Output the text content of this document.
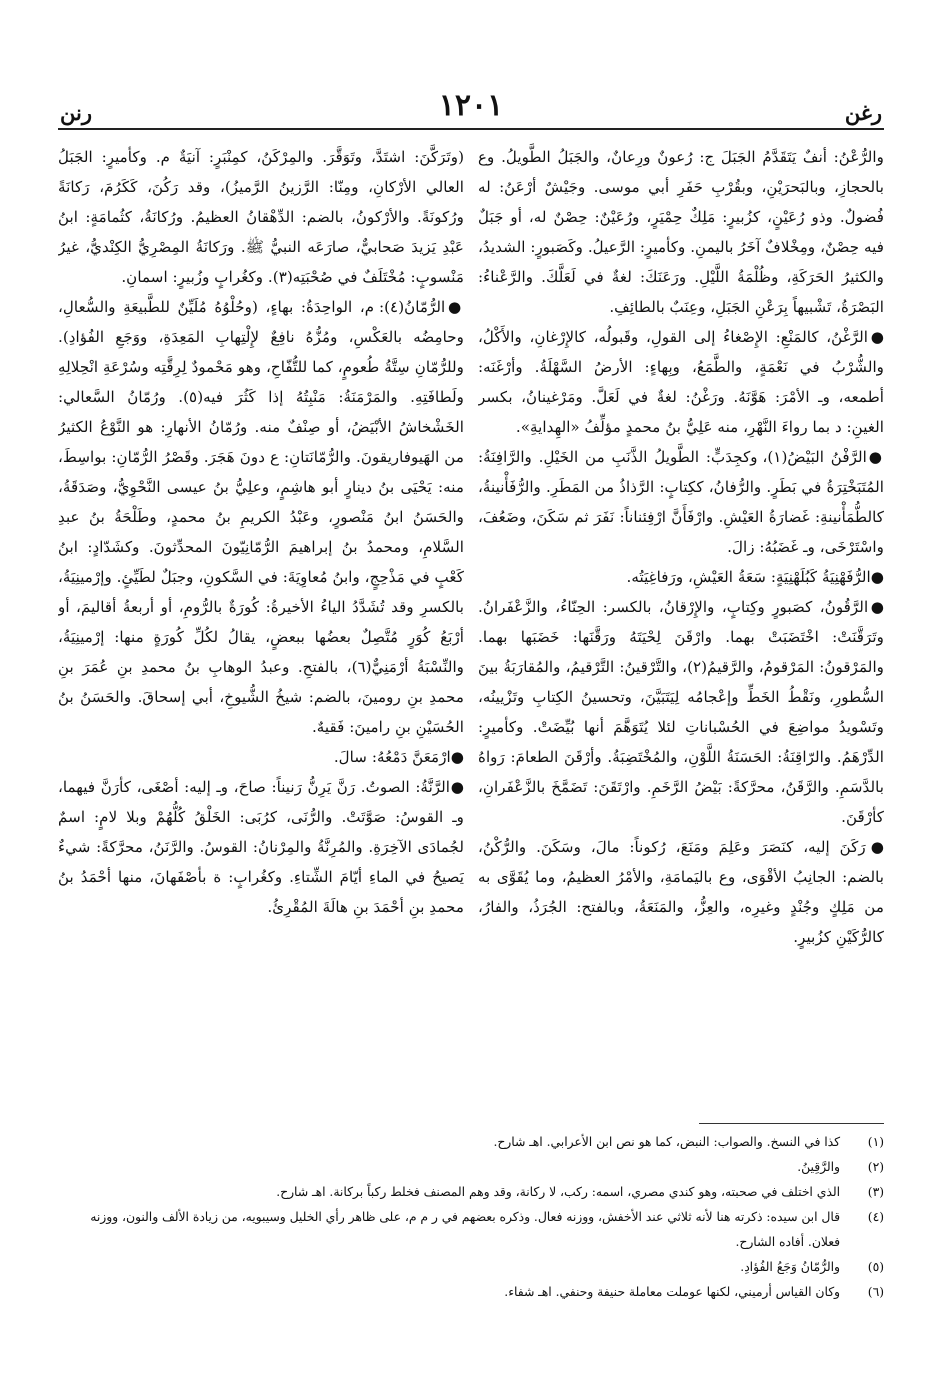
رغن
١٢٠١
رنن

والرُّعْنُ: أنفٌ يَتَقَدَّمُ الجَبَلَ ج: رُعونٌ ورِعانٌ، والجَبَلُ الطَّويلُ. وع بالحجازِ، وبالبَحرَيْنِ، وبقُرْبِ حَفَرِ أبي موسى. وجَيْشٌ أرْعَنُ: له فُضولٌ. وذو رُعَيْنٍ، كزُبيرٍ: مَلِكٌ حِمْيَرٍ، ورُعَيْنٌ: حِصْنٌ له، أو جَبَلٌ فيه حِصْنٌ، ومِخْلافٌ آخَرُ باليمنِ. وكأميرٍ: الرَّعيلُ. وكَصَبورٍ: الشديدُ، والكثيرُ الحَرَكَةِ، وظُلْمَةُ اللَّيْلِ. ورَعَنَكَ: لغةٌ في لَعَلَّكَ. والرَّعْناءُ: البَصْرَةُ، تَشْبيهاً بِرَعْنِ الجَبَلِ، وعِنَبٌ بالطائِفِ.

●الرَّغْنُ، كالمَنْعِ: الإِصْغاءُ إلى القولِ، وقَبولُه، كالإِرْغانِ، والأَكْلُ، والشُّرْبُ في نَعْمَةٍ، والطَّمَعُ، وبِهاءٍ: الأرضُ السَّهْلَةُ. وأرْغَنَه: أطمعه، وـ الأمْرَ: هَوَّنَهُ. ورَغْنُ: لغةٌ في لَعَلَّ. ومَرْغينانُ، بكسر الغينِ: د بما رواءَ النَّهْرِ، منه عَلِيُّ بنُ محمدٍ مؤلِّفُ «الهِدايةِ».

●الرَّفْنُ البَيْضُ(١)، وكجِدَبٍّ: الطَّويلُ الذَّنَبِ من الخَيْلِ. والرَّافِنَةُ: المُتَبَخْتِرَةُ في بَطَرٍ. والرُّفانُ، ككِتابٍ: الرَّذاذُ من المَطَرِ. والرُّفَأْنينةُ، كالطُّمَأْنينةِ: غَضارَةُ العَيْشِ. وارْفَأَنَّ ارْفِئناناً: نَفَرَ ثم سَكَنَ، وضَعُفَ، واسْتَرْخَى، وـ غَضَبُهُ: زالَ.

●الرُّفَهْنِيَةُ كَبُلَهْنِيَةٍ: سَعَةُ العَيْشِ، ورَفاغِيَتُه.

●الرَّقُونُ، كصَبورٍ وكِتابٍ، والإِرْقانُ، بالكسر: الحِنّاءُ، والزَّعْفَرانُ. وتَرَقَّنَتْ: اخْتَضَبَتْ بهما. وارْقَنَ لِحْيَتَهُ ورَقَّنَها: خَضَبَها بهما. والمَرْقونُ: المَرْقومُ، والرَّقيمُ(٢)، والتَّرْقينُ: التَّرْقيمُ، والمُقارَبَةُ بينَ السُّطورِ، ونَقْطُ الخَطِّ وإعْجامُه لِيَتَبَيَّنَ، وتحسينُ الكِتابِ وتَزْيينُه، وتَسْويدُ مواضِعَ في الحُسْباناتِ لئلا يُتَوَهَّمَ أنها بُيِّضَتْ. وكأميرٍ: الدِّرْهَمُ. والرّاقِنَةُ: الحَسَنَةُ اللَّوْنِ، والمُخْتَضِبَةُ. وأرْقَنَ الطعامَ: رَواهُ بالدَّسَمِ. والرَّقَنُ، محرَّكةً: بَيْضُ الرَّخَمِ. وارْتَقَنَ: تَضَمَّخَ بالزَّعْفَرانِ، كأرْقَنَ.

●رَكَنَ إليه، كنَصَرَ وعَلِمَ ومَنَعَ، رُكوناً: مالَ، وسَكَنَ. والرُّكْنُ، بالضم: الجانِبُ الأقْوَى، وع باليَمامَةِ، والأمْرُ العظيمُ، وما يُقَوَّى به من مَلِكٍ وجُنْدٍ وغيرِه، والعِزُّ، والمَنَعَةُ، وبالفتح: الجُرَذُ، والفارُ، كالرُّكَيْنِ كزُبيرٍ.

(وتَرَكَّنَ: اشتَدَّ، وتَوَقَّرَ. والمِرْكَنُ، كمِنْبَرٍ: آنيَةٌ م. وكأميرٍ: الجَبَلُ العالي الأرْكانِ، ومِنّا: الرَّزينُ الرَّميزُ)، وقد رَكُنَ، كَكَرُمَ، رَكانَةً ورُكونَةً. والأرْكونُ، بالضم: الدِّهْقانُ العظيمُ. ورُكانَةُ، كثُمامَةٍ: ابنُ عَبْدِ يَزيدَ صَحابيٌّ، صارَعَه النبيُّ ﷺ. ورَكانَةُ المِصْرِيُّ الكِنْديُّ، غيرُ مَنْسوبٍ: مُخْتَلَفٌ في صُحْبَتِه(٣). وكغُرابٍ وزُبيرٍ: اسمانِ.

●الرُّمّانُ(٤): م، الواحِدَةُ: بهاءٍ، (وحُلْوُهُ مُلَيِّنٌ للطَّبيعَةِ والسُّعالِ، وحامِضُه بالعَكْسِ، ومُزُّهُ نافِعٌ لإِلْتِهابِ المَعِدَةِ، ووَجَعِ الفُؤادِ). وللرُّمّانِ سِتَّةُ طُعومٍ، كما للتُّفّاحِ، وهو مَحْمودٌ لِرِقَّتِه وسُرْعَةِ انْحِلالِهِ ولَطافَتِهِ. والمَرْمَنَةُ: مَنْبِتُهُ إذا كَثُرَ فيه(٥). ورُمّانُ السَّعالي: الخَشْخاشُ الأبْيَضُ، أو صِنْفٌ منه. ورُمّانُ الأنهارِ: هو النَّوْعُ الكثيرُ من الهَيوفاريقونَ. والرُّمّانَتانِ: ع دونَ هَجَرَ. وقَصْرُ الرُّمّانِ: بواسِطَ، منه: يَحْيَى بنُ دينارٍ أبو هاشِمٍ، وعلِيُّ بنُ عيسى النَّحْوِيُّ، وصَدَقَةُ، والحَسَنُ ابنُ مَنْصورٍ، وعَبْدُ الكريمِ بنُ محمدٍ، وطَلْحَةُ بنُ عبدِ السَّلامِ، ومحمدُ بنُ إبراهيمَ الرُّمّانِيّونَ المحدِّثونَ. وكشَدّادٍ: ابنُ كَعْبٍ في مَذْحِجٍ، وابنُ مُعاوِيَةَ: في السَّكونِ، وجبَلٌ لطَيِّئٍ. وإرْمينِيَةُ، بالكسرِ وقد تُشَدَّدُ الياءُ الأخيرةُ: كُورَةٌ بالرُّومِ، أو أربعةُ أقاليمَ، أو أرْبَعُ كُوَرٍ مُتَّصِلٌ بعضُها ببعضٍ، يقالُ لكُلِّ كُورَةٍ منها: إرْمينِيَةُ، والنِّسْبَةُ أرْمَنِيٌّ(٦)، بالفتحِ. وعبدُ الوهابِ بنُ محمدِ بنِ عُمَرَ بنِ محمدِ بنِ رومينَ، بالضم: شيخُ الشُّيوخِ، أبي إسحاقَ. والحَسَنُ بنُ الحُسَيْنِ بنِ رامينَ: فَقيهٌ.

●ارْمَعَنَّ دَمْعُهُ: سالَ.

●الرَّنَّةُ: الصوتُ. رَنَّ يَرِنُّ رَنيناً: صاحَ، وـ إليه: أصْغَى، كأرَنَّ فيهما، وـ القوسُ: صَوَّتَتْ. والرُّنَى، كرُبَى: الخَلْقُ كُلُّهُمْ وبلا لامٍ: اسمٌ لجُمادَى الآخِرَةِ. والمُرِنَّةُ والمِرْنانُ: القوسُ. والرَّنَنُ، محرَّكةً: شيءٌ يَصيحُ في الماءِ أيّامَ الشِّتاءِ. وكغُرابٍ: ة بأصْفَهانَ، منها أحْمَدُ بنُ محمدِ بنِ أحْمَدَ بنِ هالَةَ المُقْرِئُ.

(١)
كذا في النسخ. والصواب: النبض، كما هو نص ابن الأعرابي. اهـ شارح.
(٢)
والرَّقِينُ.
(٣)
الذي اختلف في صحبته، وهو كندي مصري، اسمه: ركب، لا ركانة، وقد وهم المصنف فخلط ركباً بركانة. اهـ شارح.
(٤)
قال ابن سيده: ذكرته هنا لأنه ثلاثي عند الأخفش، ووزنه فعال. وذكره بعضهم في ر م م، على ظاهر رأي الخليل وسيبويه، من زيادة الألف والنون، ووزنه فعلان. أفاده الشارح.
(٥)
والرُّمّانُ وَجَعُ الفُؤادِ.
(٦)
وكان القياس أرميني، لكنها عوملت معاملة حنيفة وحنفي. اهـ شفاء.
